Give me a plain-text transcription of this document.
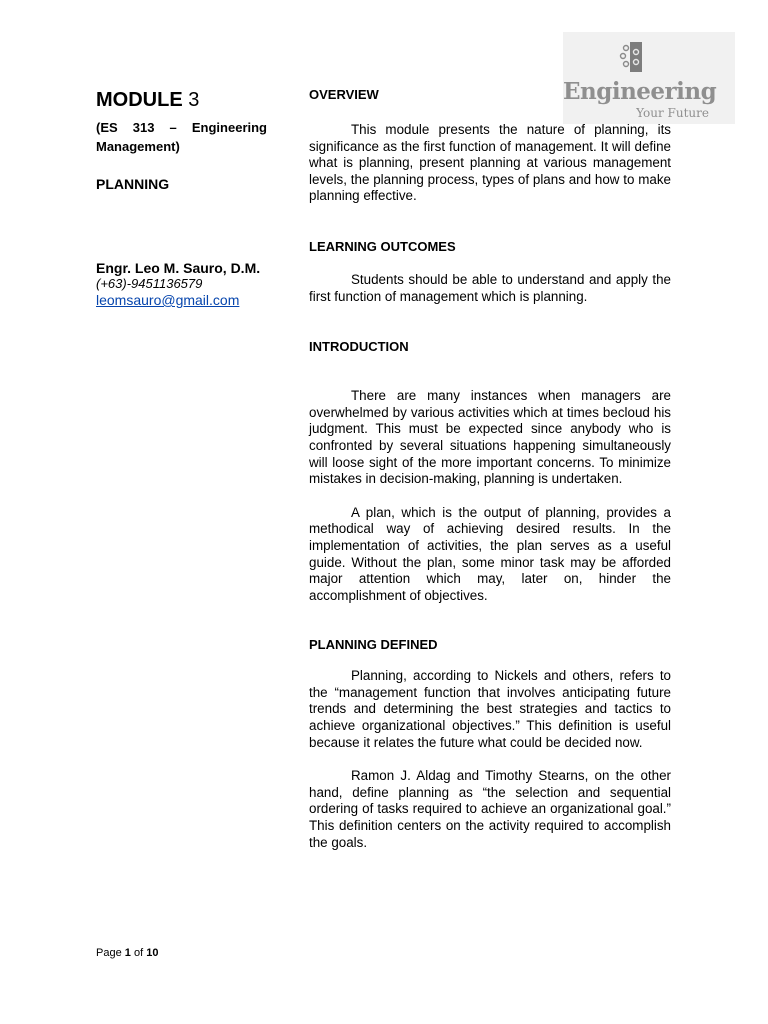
Engineering
Your Future
MODULE 3
(ES 313 – Engineering Management)
PLANNING
Engr. Leo M. Sauro, D.M.
(+63)-9451136579
leomsauro@gmail.com
OVERVIEW

This module presents the nature of planning, its significance as the first function of management. It will define what is planning, present planning at various management levels, the planning process, types of plans and how to make planning effective.

LEARNING OUTCOMES

Students should be able to understand and apply the first function of management which is planning.

INTRODUCTION

There are many instances when managers are overwhelmed by various activities which at times becloud his judgment. This must be expected since anybody who is confronted by several situations happening simultaneously will loose sight of the more important concerns. To minimize mistakes in decision-making, planning is undertaken.

A plan, which is the output of planning, provides a methodical way of achieving desired results. In the implementation of activities, the plan serves as a useful guide. Without the plan, some minor task may be afforded major attention which may, later on, hinder the accomplishment of objectives.

PLANNING DEFINED

Planning, according to Nickels and others, refers to the “management function that involves anticipating future trends and determining the best strategies and tactics to achieve organizational objectives.” This definition is useful because it relates the future what could be decided now.

Ramon J. Aldag and Timothy Stearns, on the other hand, define planning as “the selection and sequential ordering of tasks required to achieve an organizational goal.” This definition centers on the activity required to accomplish the goals.

Page 1 of 10
